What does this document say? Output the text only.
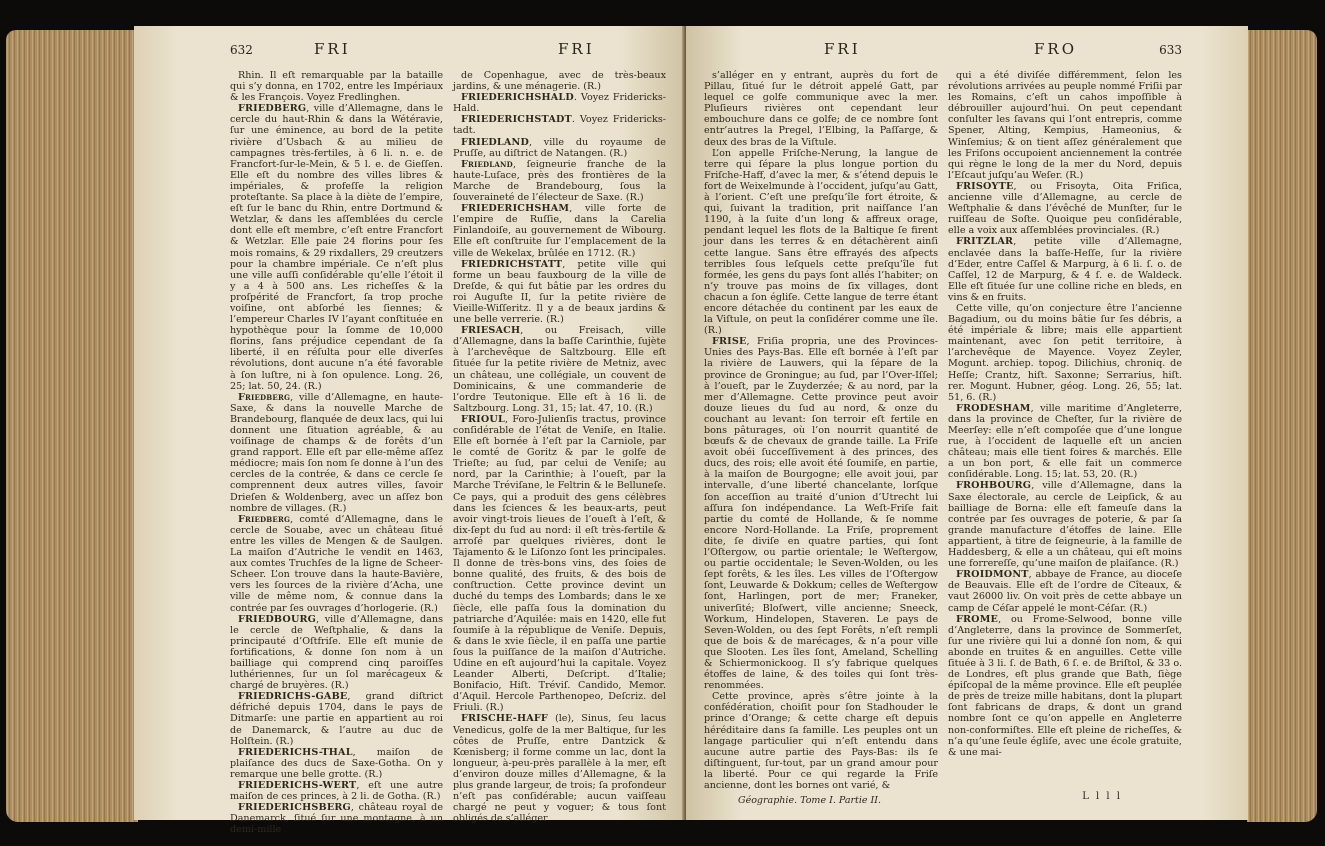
632	FRI	FRI

Rhin. Il eſt remarquable par la bataille qui s’y donna, en 1702, entre les Impériaux & les François. Voyez Fredlinghen.

FRIEDBERG, ville d’Allemagne, dans le cercle du haut-Rhin & dans la Wétéravie, ſur une éminence, au bord de la petite rivière d’Usbach & au milieu de campagnes très-fertiles, à 6 li. n. e. de Francfort-ſur-le-Mein, & 5 l. e. de Gieſſen. Elle eſt du nombre des villes libres & impériales, & profeſſe la religion proteſtante. Sa place à la diète de l’empire, eſt ſur le banc du Rhin, entre Dortmund & Wetzlar, & dans les aſſemblées du cercle dont elle eſt membre, c’eſt entre Francfort & Wetzlar. Elle paie 24 florins pour ſes mois romains, & 29 rixdallers, 29 creutzers pour la chambre impériale. Ce n’eſt plus une ville auſſi conſidérable qu’elle l’étoit il y a 4 à 500 ans. Les richeſſes & la proſpérité de Francfort, ſa trop proche voiſine, ont abſorbé les ſiennes; & l’empereur Charles IV l’ayant conſtituée en hypothèque pour la ſomme de 10,000 florins, ſans préjudice cependant de ſa liberté, il en réſulta pour elle diverſes révolutions, dont aucune n’a été favorable à ſon luſtre, ni à ſon opulence. Long. 26, 25; lat. 50, 24. (R.)

Friedberg, ville d’Allemagne, en haute-Saxe, & dans la nouvelle Marche de Brandebourg, flanquée de deux lacs, qui lui donnent une ſituation agréable, & au voiſinage de champs & de forêts d’un grand rapport. Elle eſt par elle-même aſſez médiocre; mais ſon nom ſe donne à l’un des cercles de la contrée, & dans ce cercle ſe comprennent deux autres villes, ſavoir Drieſen & Woldenberg, avec un aſſez bon nombre de villages. (R.)

Friedberg, comté d’Allemagne, dans le cercle de Souabe, avec un château ſitué entre les villes de Mengen & de Saulgen. La maiſon d’Autriche le vendit en 1463, aux comtes Truchſes de la ligne de Scheer-Scheer. L’on trouve dans la haute-Bavière, vers les ſources de la rivière d’Acha, une ville de même nom, & connue dans la contrée par ſes ouvrages d’horlogerie. (R.)

FRIEDBOURG, ville d’Allemagne, dans le cercle de Weſtphalie, & dans la principauté d’Oſtfriſe. Elle eſt munie de fortifications, & donne ſon nom à un bailliage qui comprend cinq paroiſſes luthériennes, ſur un ſol marécageux & chargé de bruyères. (R.)

FRIEDRICHS-GABE, grand diſtrict défriché depuis 1704, dans le pays de Ditmarſe: une partie en appartient au roi de Danemarck, & l’autre au duc de Holſtein. (R.)

FRIEDERICHS-THAL, maiſon de plaiſance des ducs de Saxe-Gotha. On y remarque une belle grotte. (R.)

FRIEDERICHS-WERT, eſt une autre maiſon de ces princes, à 2 li. de Gotha. (R.)

FRIEDERICHSBERG, château royal de Danemarck, ſitué ſur une montagne, à un demi-mille

de Copenhague, avec de très-beaux jardins, & une ménagerie. (R.)

FRIEDERICHSHALD. Voyez Fridericks-Hald.

FRIEDERICHSTADT. Voyez Fridericks-tadt.

FRIEDLAND, ville du royaume de Pruſſe, au diſtrict de Natangen. (R.)

Friedland, ſeigneurie franche de la haute-Luſace, près des frontières de la Marche de Brandebourg, ſous la ſouveraineté de l’électeur de Saxe. (R.)

FRIEDERICHSHAM, ville forte de l’empire de Ruſſie, dans la Carelia Finlandoiſe, au gouvernement de Wibourg. Elle eſt conſtruite ſur l’emplacement de la ville de Wekelax, brûlée en 1712. (R.)

FRIEDRICHSTATT, petite ville qui forme un beau fauxbourg de la ville de Dreſde, & qui fut bâtie par les ordres du roi Auguſte II, ſur la petite rivière de Vieille-Wiſſeritz. Il y a de beaux jardins & une belle verrerie. (R.)

FRIESACH, ou Freisach, ville d’Allemagne, dans la baſſe Carinthie, ſujète à l’archevêque de Saltzbourg. Elle eſt ſituée ſur la petite rivière de Metniz, avec un château, une collégiale, un couvent de Dominicains, & une commanderie de l’ordre Teutonique. Elle eſt à 16 li. de Saltzbourg. Long. 31, 15; lat. 47, 10. (R.)

FRIOUL, Foro-Julienſis tractus, province conſidérable de l’état de Veniſe, en Italie. Elle eſt bornée à l’eſt par la Carniole, par le comté de Goritz & par le golfe de Trieſte; au ſud, par celui de Veniſe; au nord, par la Carinthie; à l’oueſt, par la Marche Tréviſane, le Feltrin & le Belluneſe. Ce pays, qui a produit des gens célèbres dans les ſciences & les beaux-arts, peut avoir vingt-trois lieues de l’oueſt à l’eſt, & dix-ſept du ſud au nord: il eſt très-fertile & arroſé par quelques rivières, dont le Tajamento & le Liſonzo ſont les principales. Il donne de très-bons vins, des ſoies de bonne qualité, des fruits, & des bois de conſtruction. Cette province devint un duché du temps des Lombards; dans le xe ſiècle, elle paſſa ſous la domination du patriarche d’Aquilée: mais en 1420, elle fut ſoumiſe à la république de Veniſe. Depuis, & dans le xvie ſiècle, il en paſſa une partie ſous la puiſſance de la maiſon d’Autriche. Udine en eſt aujourd’hui la capitale. Voyez Leander Alberti, Deſcript. d’Italie; Bonifacio, Hiſt. Tréviſ. Candido, Memor. d’Aquil. Hercole Parthenopeo, Deſcriz. del Friuli. (R.)

FRISCHE-HAFF (le), Sinus, ſeu lacus Venedicus, golfe de la mer Baltique, ſur les côtes de Pruſſe, entre Dantzick & Kœnisberg; il forme comme un lac, dont la longueur, à-peu-près parallèle à la mer, eſt d’environ douze milles d’Allemagne, & la plus grande largeur, de trois; ſa profondeur n’eſt pas conſidérable; aucun vaiſſeau chargé ne peut y voguer; & tous ſont obligés de s’alléger

FRI	FRO	633

s’alléger en y entrant, auprès du fort de Pillau, ſitué ſur le détroit appelé Gatt, par lequel ce golfe communique avec la mer. Pluſieurs rivières ont cependant leur embouchure dans ce golfe; de ce nombre ſont entr’autres la Pregel, l’Elbing, la Paſſarge, & deux des bras de la Viſtule.

L’on appelle Friſche-Nerung, la langue de terre qui ſépare la plus longue portion du Friſche-Haff, d’avec la mer, & s’étend depuis le fort de Weixelmunde à l’occident, juſqu’au Gatt, à l’orient. C’eſt une preſqu’île fort étroite, & qui, ſuivant la tradition, prit naiſſance l’an 1190, à la ſuite d’un long & affreux orage, pendant lequel les flots de la Baltique ſe firent jour dans les terres & en détachèrent ainſi cette langue. Sans être effrayés des aſpects terribles ſous leſquels cette preſqu’île fut formée, les gens du pays ſont allés l’habiter; on n’y trouve pas moins de ſix villages, dont chacun a ſon égliſe. Cette langue de terre étant encore détachée du continent par les eaux de la Viſtule, on peut la conſidérer comme une île. (R.)

FRISE, Friſia propria, une des Provinces-Unies des Pays-Bas. Elle eſt bornée à l’eſt par la rivière de Lauwers, qui la ſépare de la province de Groningue; au ſud, par l’Over-Iſſel; à l’oueſt, par le Zuyderzée; & au nord, par la mer d’Allemagne. Cette province peut avoir douze lieues du ſud au nord, & onze du couchant au levant: ſon terroir eſt fertile en bons pâturages, où l’on nourrit quantité de bœufs & de chevaux de grande taille. La Friſe avoit obéi ſucceſſivement à des princes, des ducs, des rois; elle avoit été ſoumiſe, en partie, à la maiſon de Bourgogne; elle avoit joui, par intervalle, d’une liberté chancelante, lorſque ſon acceſſion au traité d’union d’Utrecht lui aſſura ſon indépendance. La Weſt-Friſe fait partie du comté de Hollande, & ſe nomme encore Nord-Hollande. La Friſe, proprement dite, ſe diviſe en quatre parties, qui ſont l’Oſtergow, ou partie orientale; le Weſtergow, ou partie occidentale; le Seven-Wolden, ou les ſept forêts, & les îles. Les villes de l’Oſtergow ſont, Leuwarde & Dokkum; celles de Weſtergow ſont, Harlingen, port de mer; Franeker, univerſité; Bloſwert, ville ancienne; Sneeck, Workum, Hindelopen, Staveren. Le pays de Seven-Wolden, ou des ſept Forêts, n’eſt rempli que de bois & de marécages, & n’a pour ville que Slooten. Les îles ſont, Ameland, Schelling & Schiermonickoog. Il s’y fabrique quelques étoffes de laine, & des toiles qui ſont très-renommées.

Cette province, après s’être jointe à la confédération, choiſit pour ſon Stadhouder le prince d’Orange; & cette charge eſt depuis héréditaire dans ſa famille. Les peuples ont un langage particulier qui n’eſt entendu dans aucune autre partie des Pays-Bas: ils ſe diſtinguent, ſur-tout, par un grand amour pour la liberté. Pour ce qui regarde la Friſe ancienne, dont les bornes ont varié, &

qui a été diviſée différemment, ſelon les révolutions arrivées au peuple nommé Friſii par les Romains, c’eſt un cahos impoſſible à débrouiller aujourd’hui. On peut cependant conſulter les ſavans qui l’ont entrepris, comme Spener, Alting, Kempius, Hameonius, & Winſemius; & on tient aſſez généralement que les Friſons occupoient anciennement la contrée qui règne le long de la mer du Nord, depuis l’Eſcaut juſqu’au Weſer. (R.)

FRISOYTE, ou Frisoyta, Oita Friſica, ancienne ville d’Allemagne, au cercle de Weſtphalie & dans l’évêché de Munſter, ſur le ruiſſeau de Soſte. Quoique peu conſidérable, elle a voix aux aſſemblées provinciales. (R.)

FRITZLAR, petite ville d’Allemagne, enclavée dans la baſſe-Heſſe, ſur la rivière d’Eder, entre Caſſel & Marpurg, à 6 li. ſ. o. de Caſſel, 12 de Marpurg, & 4 ſ. e. de Waldeck. Elle eſt ſituée ſur une colline riche en bleds, en vins & en fruits.

Cette ville, qu’on conjecture être l’ancienne Bagadium, ou du moins bâtie ſur ſes débris, a été impériale & libre; mais elle appartient maintenant, avec ſon petit territoire, à l’archevêque de Mayence. Voyez Zeyler, Mogunt. archiep. topog. Dilichius, chroniq. de Heſſe; Crantz, hiſt. Saxonne; Serrarius, hiſt. rer. Mogunt. Hubner, géog. Long. 26, 55; lat. 51, 6. (R.)

FRODESHAM, ville maritime d’Angleterre, dans la province de Cheſter, ſur la rivière de Meerſey: elle n’eſt compoſée que d’une longue rue, à l’occident de laquelle eſt un ancien château; mais elle tient foires & marchés. Elle a un bon port, & elle fait un commerce conſidérable. Long. 15; lat. 53, 20. (R.)

FROHBOURG, ville d’Allemagne, dans la Saxe électorale, au cercle de Leipſick, & au bailliage de Borna: elle eſt fameuſe dans la contrée par ſes ouvrages de poterie, & par ſa grande manufacture d’étoffes de laine. Elle appartient, à titre de ſeigneurie, à la famille de Haddesberg, & elle a un château, qui eſt moins une forrereſſe, qu’une maiſon de plaiſance. (R.)

FROIDMONT, abbaye de France, au dioceſe de Beauvais. Elle eſt de l’ordre de Cîteaux, & vaut 26000 liv. On voit près de cette abbaye un camp de Céſar appelé le mont-Céſar. (R.)

FROME, ou Frome-Selwood, bonne ville d’Angleterre, dans la province de Sommerſet, ſur une rivière qui lui a donné ſon nom, & qui abonde en truites & en anguilles. Cette ville ſituée à 3 li. ſ. de Bath, 6 ſ. e. de Briſtol, & 33 o. de Londres, eſt plus grande que Bath, ſiège épiſcopal de la même province. Elle eſt peuplée de près de treize mille habitans, dont la plupart ſont fabricans de draps, & dont un grand nombre ſont ce qu’on appelle en Angleterre non-conformiſtes. Elle eſt pleine de richeſſes, & n’a qu’une ſeule égliſe, avec une école gratuite, & une mai-

Géographie. Tome I. Partie II.	L l l l
